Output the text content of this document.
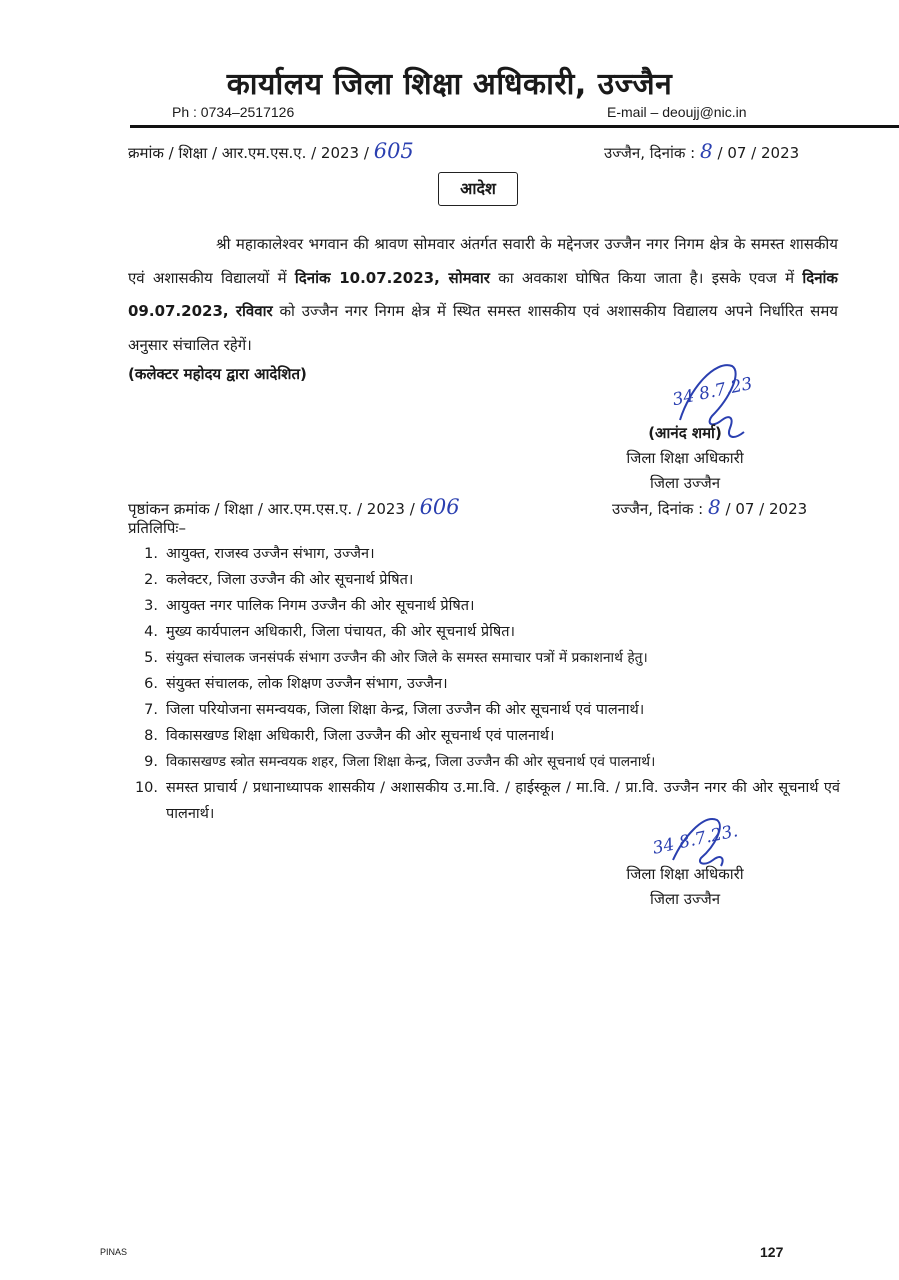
कार्यालय जिला शिक्षा अधिकारी, उज्जैन
Ph : 0734–2517126	E-mail – deoujj@nic.in
क्रमांक / शिक्षा / आर.एम.एस.ए. / 2023 / 605	उज्जैन, दिनांक : 8 / 07 / 2023
आदेश
श्री महाकालेश्वर भगवान की श्रावण सोमवार अंतर्गत सवारी के मद्देनजर उज्जैन नगर निगम क्षेत्र के समस्त शासकीय एवं अशासकीय विद्यालयों में दिनांक 10.07.2023, सोमवार का अवकाश घोषित किया जाता है। इसके एवज में दिनांक 09.07.2023, रविवार को उज्जैन नगर निगम क्षेत्र में स्थित समस्त शासकीय एवं अशासकीय विद्यालय अपने निर्धारित समय अनुसार संचालित रहेगें।
(कलेक्टर महोदय द्वारा आदेशित)	34 8.7.23
(आनंद शर्मा)
जिला शिक्षा अधिकारी
जिला उज्जैन
पृष्ठांकन क्रमांक / शिक्षा / आर.एम.एस.ए. / 2023 / 606	उज्जैन, दिनांक : 8 / 07 / 2023
प्रतिलिपिः–
1. आयुक्त, राजस्व उज्जैन संभाग, उज्जैन।
2. कलेक्टर, जिला उज्जैन की ओर सूचनार्थ प्रेषित।
3. आयुक्त नगर पालिक निगम उज्जैन की ओर सूचनार्थ प्रेषित।
4. मुख्य कार्यपालन अधिकारी, जिला पंचायत, की ओर सूचनार्थ प्रेषित।
5. संयुक्त संचालक जनसंपर्क संभाग उज्जैन की ओर जिले के समस्त समाचार पत्रों में प्रकाशनार्थ हेतु।
6. संयुक्त संचालक, लोक शिक्षण उज्जैन संभाग, उज्जैन।
7. जिला परियोजना समन्वयक, जिला शिक्षा केन्द्र, जिला उज्जैन की ओर सूचनार्थ एवं पालनार्थ।
8. विकासखण्ड शिक्षा अधिकारी, जिला उज्जैन की ओर सूचनार्थ एवं पालनार्थ।
9. विकासखण्ड स्त्रोत समन्वयक शहर, जिला शिक्षा केन्द्र, जिला उज्जैन की ओर सूचनार्थ एवं पालनार्थ।
10. समस्त प्राचार्य / प्रधानाध्यापक शासकीय / अशासकीय उ.मा.वि. / हाईस्कूल / मा.वि. / प्रा.वि. उज्जैन नगर की ओर सूचनार्थ एवं पालनार्थ।
34 8.7.23.
जिला शिक्षा अधिकारी
जिला उज्जैन
PINAS	127
